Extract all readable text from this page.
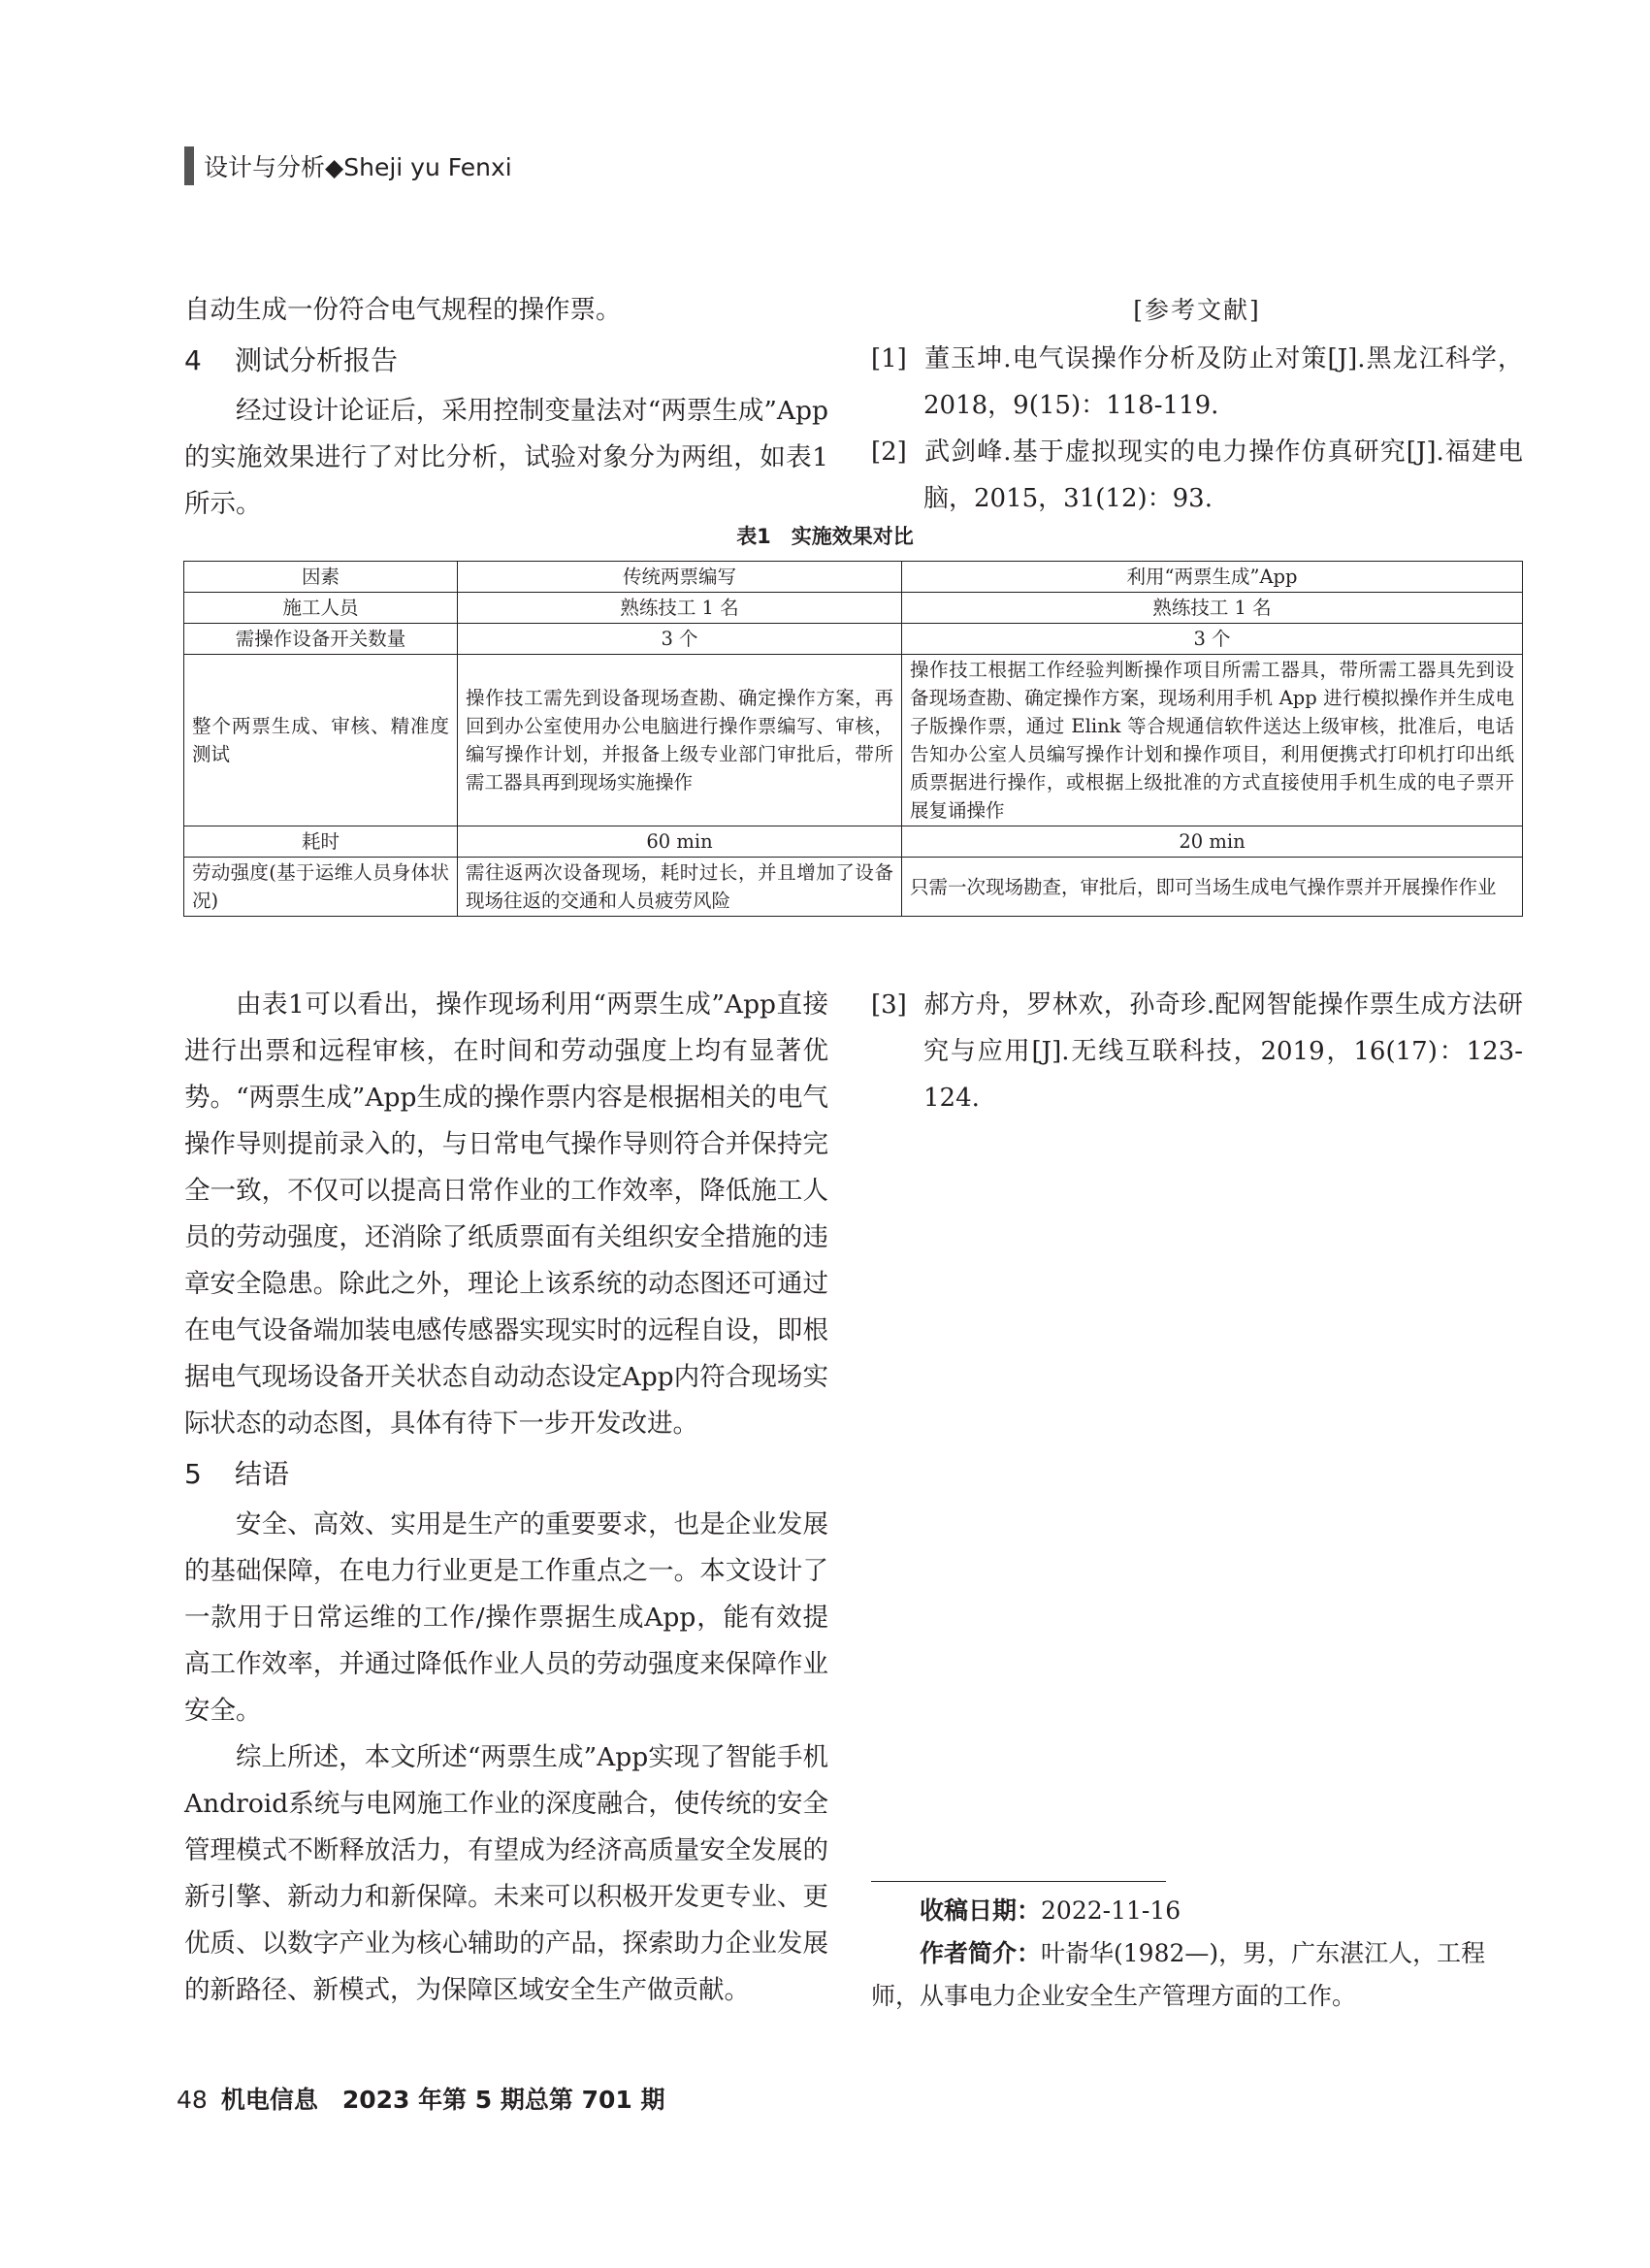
设计与分析◆Sheji yu Fenxi

自动生成一份符合电气规程的操作票。

4 测试分析报告

经过设计论证后，采用控制变量法对“两票生成”App的实施效果进行了对比分析，试验对象分为两组，如表1所示。

[参考文献]

[1] 董玉坤.电气误操作分析及防止对策[J].黑龙江科学，2018，9(15)：118-119.

[2] 武剑峰.基于虚拟现实的电力操作仿真研究[J].福建电脑，2015，31(12)：93.

表1　实施效果对比
因素	传统两票编写	利用“两票生成”App
施工人员	熟练技工 1 名	熟练技工 1 名
需操作设备开关数量	3 个	3 个
整个两票生成、审核、精准度测试	操作技工需先到设备现场查勘、确定操作方案，再回到办公室使用办公电脑进行操作票编写、审核，编写操作计划，并报备上级专业部门审批后，带所需工器具再到现场实施操作	操作技工根据工作经验判断操作项目所需工器具，带所需工器具先到设备现场查勘、确定操作方案，现场利用手机 App 进行模拟操作并生成电子版操作票，通过 Elink 等合规通信软件送达上级审核，批准后，电话告知办公室人员编写操作计划和操作项目，利用便携式打印机打印出纸质票据进行操作，或根据上级批准的方式直接使用手机生成的电子票开展复诵操作
耗时	60 min	20 min
劳动强度(基于运维人员身体状况)	需往返两次设备现场，耗时过长，并且增加了设备现场往返的交通和人员疲劳风险	只需一次现场勘查，审批后，即可当场生成电气操作票并开展操作作业

由表1可以看出，操作现场利用“两票生成”App直接进行出票和远程审核，在时间和劳动强度上均有显著优势。“两票生成”App生成的操作票内容是根据相关的电气操作导则提前录入的，与日常电气操作导则符合并保持完全一致，不仅可以提高日常作业的工作效率，降低施工人员的劳动强度，还消除了纸质票面有关组织安全措施的违章安全隐患。除此之外，理论上该系统的动态图还可通过在电气设备端加装电感传感器实现实时的远程自设，即根据电气现场设备开关状态自动动态设定App内符合现场实际状态的动态图，具体有待下一步开发改进。

5 结语

安全、高效、实用是生产的重要要求，也是企业发展的基础保障，在电力行业更是工作重点之一。本文设计了一款用于日常运维的工作/操作票据生成App，能有效提高工作效率，并通过降低作业人员的劳动强度来保障作业安全。

综上所述，本文所述“两票生成”App实现了智能手机Android系统与电网施工作业的深度融合，使传统的安全管理模式不断释放活力，有望成为经济高质量安全发展的新引擎、新动力和新保障。未来可以积极开发更专业、更优质、以数字产业为核心辅助的产品，探索助力企业发展的新路径、新模式，为保障区域安全生产做贡献。

[3] 郝方舟，罗林欢，孙奇珍.配网智能操作票生成方法研究与应用[J].无线互联科技，2019，16(17)：123-124.

收稿日期：2022-11-16

作者简介：叶嵛华(1982—)，男，广东湛江人，工程师，从事电力企业安全生产管理方面的工作。

48 机电信息　2023 年第 5 期总第 701 期
